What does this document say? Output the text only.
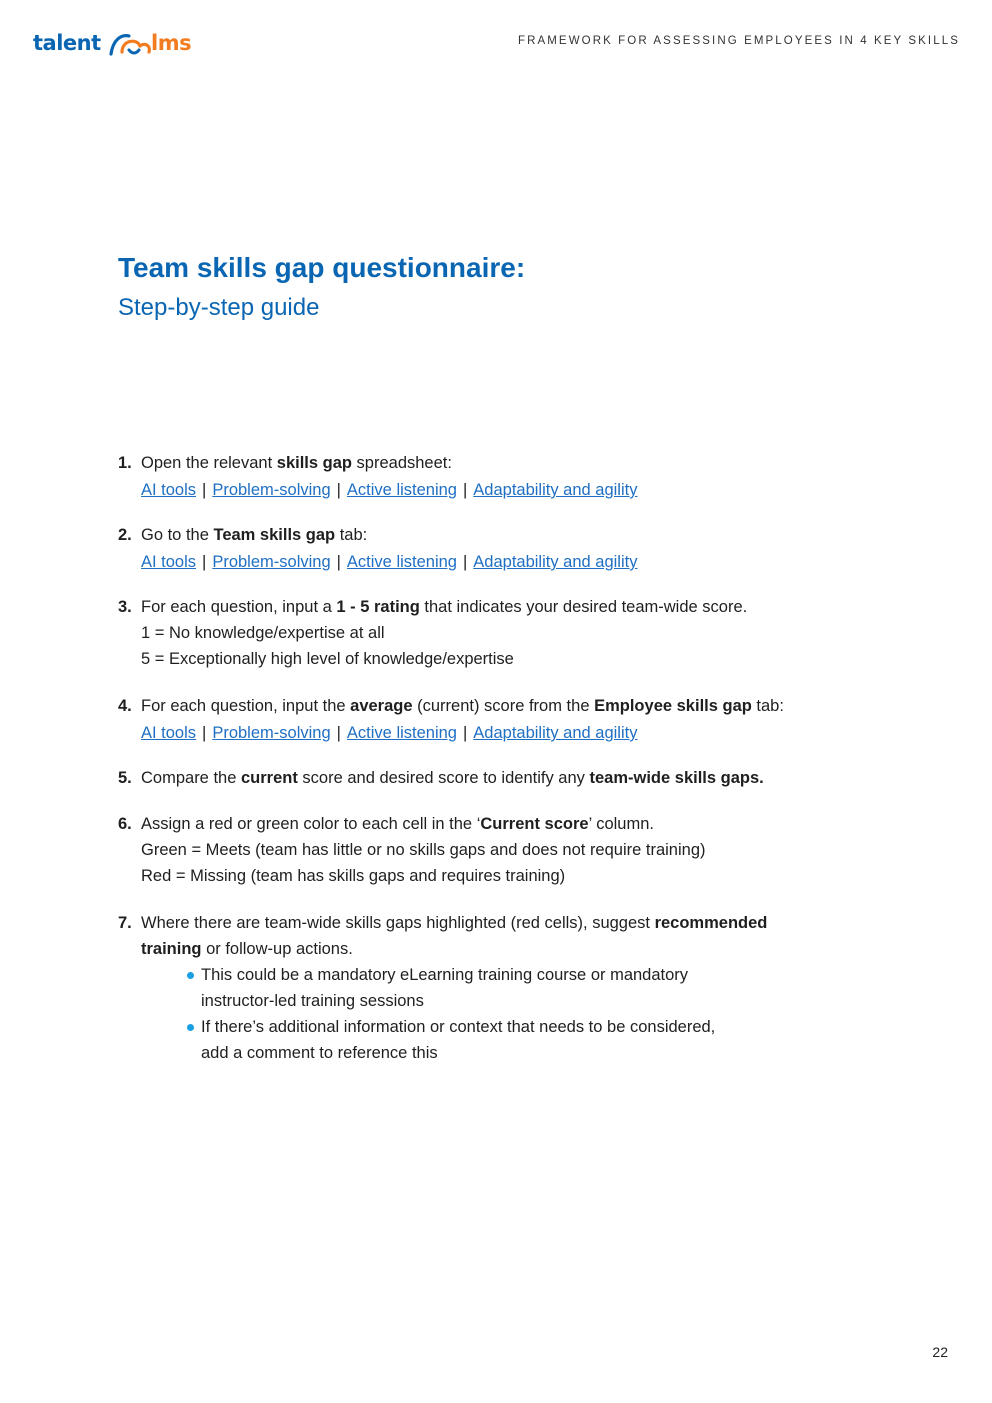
talent lms	FRAMEWORK FOR ASSESSING EMPLOYEES IN 4 KEY SKILLS
Team skills gap questionnaire:
Step-by-step guide
1. Open the relevant skills gap spreadsheet:
AI tools | Problem-solving | Active listening | Adaptability and agility
2. Go to the Team skills gap tab:
AI tools | Problem-solving | Active listening | Adaptability and agility
3. For each question, input a 1 - 5 rating that indicates your desired team-wide score.
1 = No knowledge/expertise at all
5 = Exceptionally high level of knowledge/expertise
4. For each question, input the average (current) score from the Employee skills gap tab:
AI tools | Problem-solving | Active listening | Adaptability and agility
5. Compare the current score and desired score to identify any team-wide skills gaps.
6. Assign a red or green color to each cell in the ‘Current score’ column.
Green = Meets (team has little or no skills gaps and does not require training)
Red = Missing (team has skills gaps and requires training)
7. Where there are team-wide skills gaps highlighted (red cells), suggest recommended
training or follow-up actions.
This could be a mandatory eLearning training course or mandatory
instructor-led training sessions
If there’s additional information or context that needs to be considered,
add a comment to reference this
22
